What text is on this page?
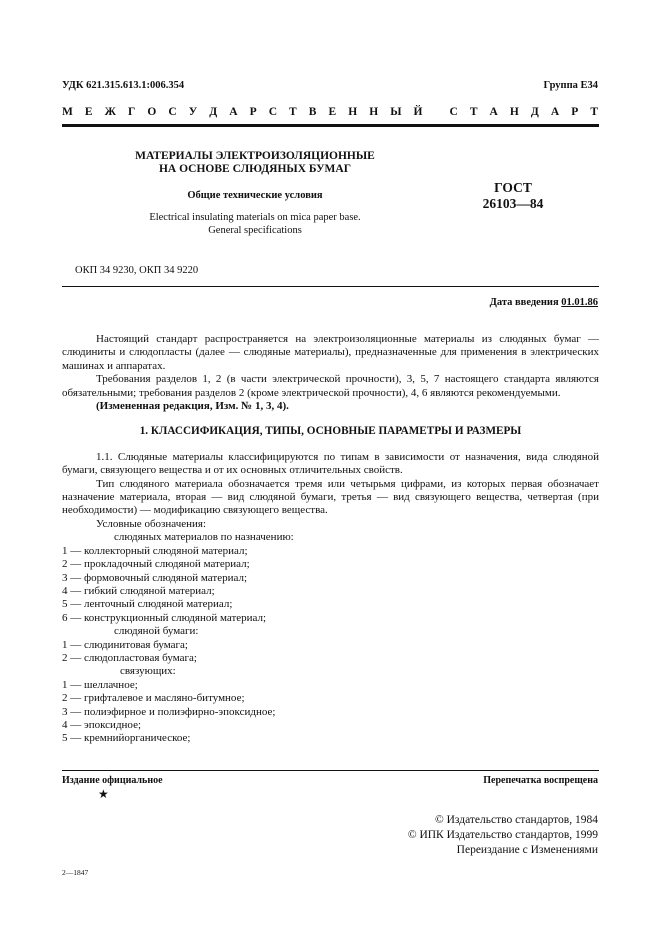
УДК 621.315.613.1:006.354	Группа Е34
М Е Ж Г О С У Д А Р С Т В Е Н Н Ы Й
С Т А Н Д А Р Т
МАТЕРИАЛЫ ЭЛЕКТРОИЗОЛЯЦИОННЫЕ
НА ОСНОВЕ СЛЮДЯНЫХ БУМАГ
Общие технические условия
Electrical insulating materials on mica paper base.
General specifications
ГОСТ
26103—84
ОКП 34 9230, ОКП 34 9220
Дата введения 01.01.86

Настоящий стандарт распространяется на электроизоляционные материалы из слюдяных бумаг — слюдиниты и слюдопласты (далее — слюдяные материалы), предназначенные для применения в электрических машинах и аппаратах.

Требования разделов 1, 2 (в части электрической прочности), 3, 5, 7 настоящего стандарта являются обязательными; требования разделов 2 (кроме электрической прочности), 4, 6 являются рекомендуемыми.

(Измененная редакция, Изм. № 1, 3, 4).
1. КЛАССИФИКАЦИЯ, ТИПЫ, ОСНОВНЫЕ ПАРАМЕТРЫ И РАЗМЕРЫ

1.1. Слюдяные материалы классифицируются по типам в зависимости от назначения, вида слюдяной бумаги, связующего вещества и от их основных отличительных свойств.

Тип слюдяного материала обозначается тремя или четырьмя цифрами, из которых первая обозначает назначение материала, вторая — вид слюдяной бумаги, третья — вид связующего вещества, четвертая (при необходимости) — модификацию связующего вещества.

Условные обозначения:
слюдяных материалов по назначению:
1 — коллекторный слюдяной материал;
2 — прокладочный слюдяной материал;
3 — формовочный слюдяной материал;
4 — гибкий слюдяной материал;
5 — ленточный слюдяной материал;
6 — конструкционный слюдяной материал;
слюдяной бумаги:
1 — слюдинитовая бумага;
2 — слюдопластовая бумага;
связующих:
1 — шеллачное;
2 — грифталевое и масляно-битумное;
3 — полиэфирное и полиэфирно-эпоксидное;
4 — эпоксидное;
5 — кремнийорганическое;
Издание официальное	Перепечатка воспрещена
★
© Издательство стандартов, 1984
© ИПК Издательство стандартов, 1999
Переиздание с Изменениями
2—1847
